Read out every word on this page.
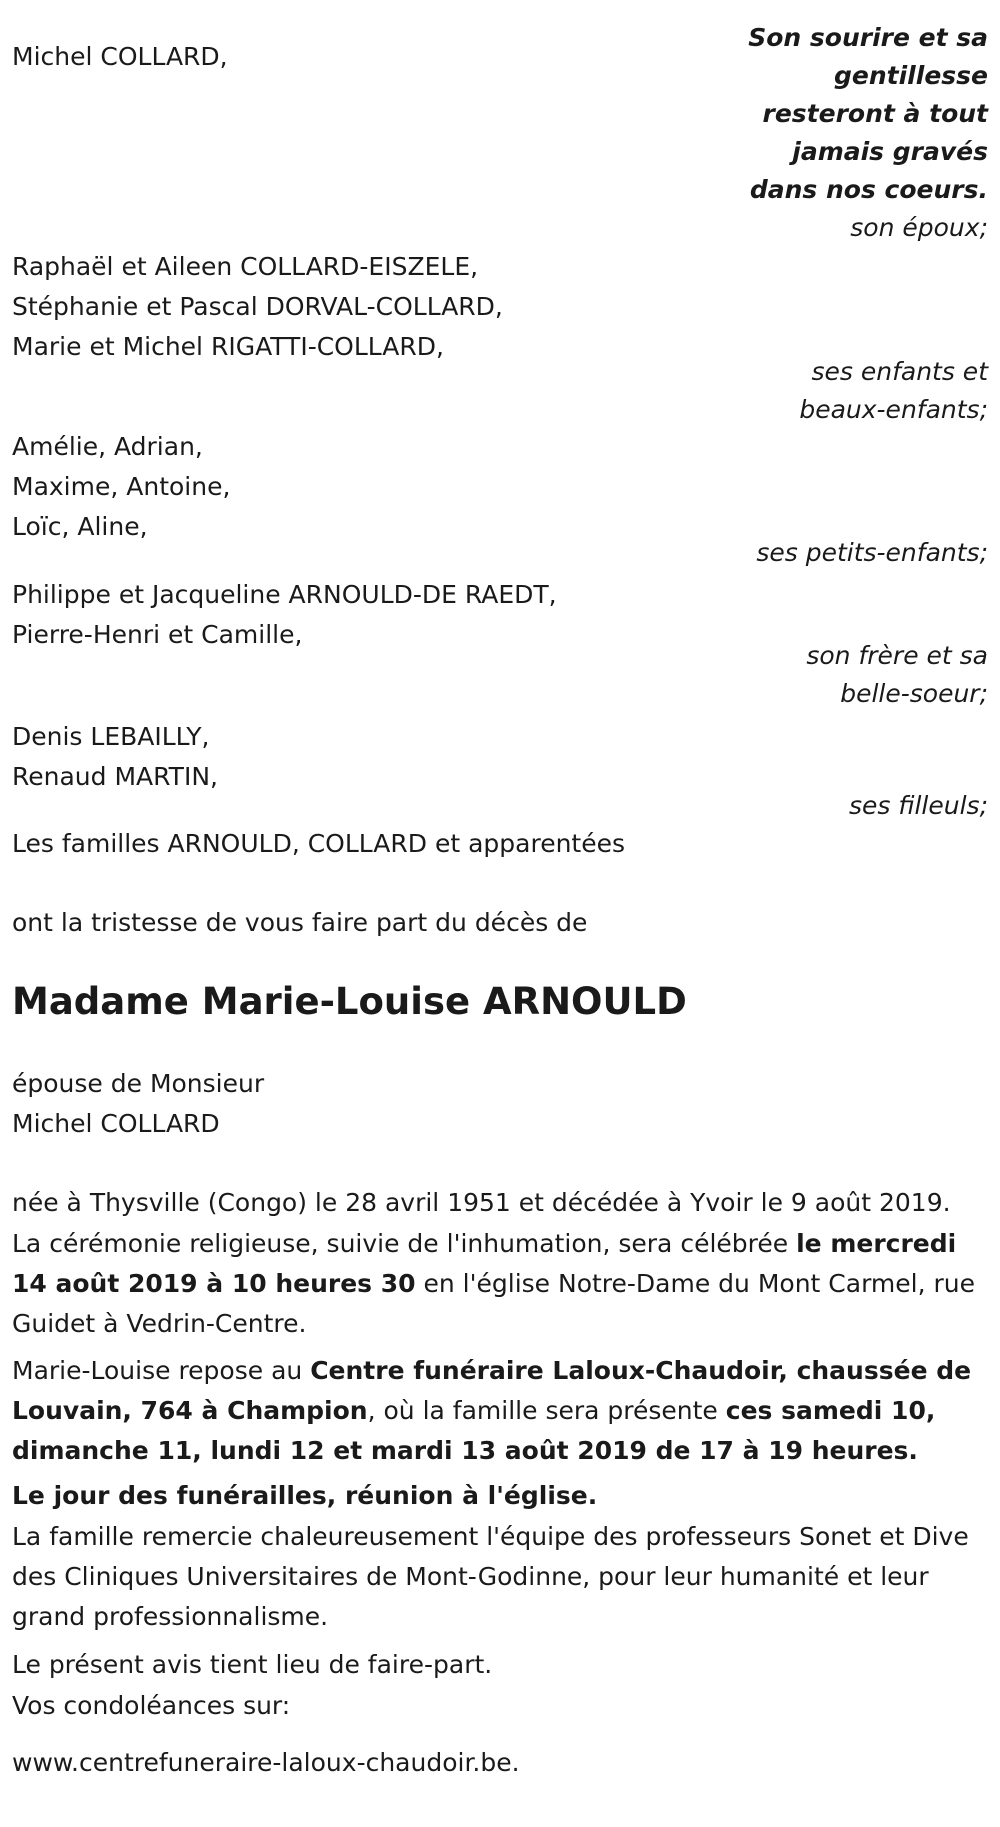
Son sourire et sa
gentillesse
resteront à tout
jamais gravés
dans nos coeurs.
Michel COLLARD,
son époux;
Raphaël et Aileen COLLARD-EISZELE,
Stéphanie et Pascal DORVAL-COLLARD,
Marie et Michel RIGATTI-COLLARD,
ses enfants et
beaux-enfants;
Amélie, Adrian,
Maxime, Antoine,
Loïc, Aline,
ses petits-enfants;
Philippe et Jacqueline ARNOULD-DE RAEDT,
Pierre-Henri et Camille,
son frère et sa
belle-soeur;
Denis LEBAILLY,
Renaud MARTIN,
ses filleuls;
Les familles ARNOULD, COLLARD et apparentées
ont la tristesse de vous faire part du décès de
Madame Marie-Louise ARNOULD
épouse de Monsieur
Michel COLLARD
née à Thysville (Congo) le 28 avril 1951 et décédée à Yvoir le 9 août 2019.
La cérémonie religieuse, suivie de l'inhumation, sera célébrée le mercredi 14 août 2019 à 10 heures 30 en l'église Notre-Dame du Mont Carmel, rue Guidet à Vedrin-Centre.
Marie-Louise repose au Centre funéraire Laloux-Chaudoir, chaussée de Louvain, 764 à Champion, où la famille sera présente ces samedi 10, dimanche 11, lundi 12 et mardi 13 août 2019 de 17 à 19 heures.
Le jour des funérailles, réunion à l'église.
La famille remercie chaleureusement l'équipe des professeurs Sonet et Dive des Cliniques Universitaires de Mont-Godinne, pour leur humanité et leur grand professionnalisme.
Le présent avis tient lieu de faire-part.
Vos condoléances sur:
www.centrefuneraire-laloux-chaudoir.be.
